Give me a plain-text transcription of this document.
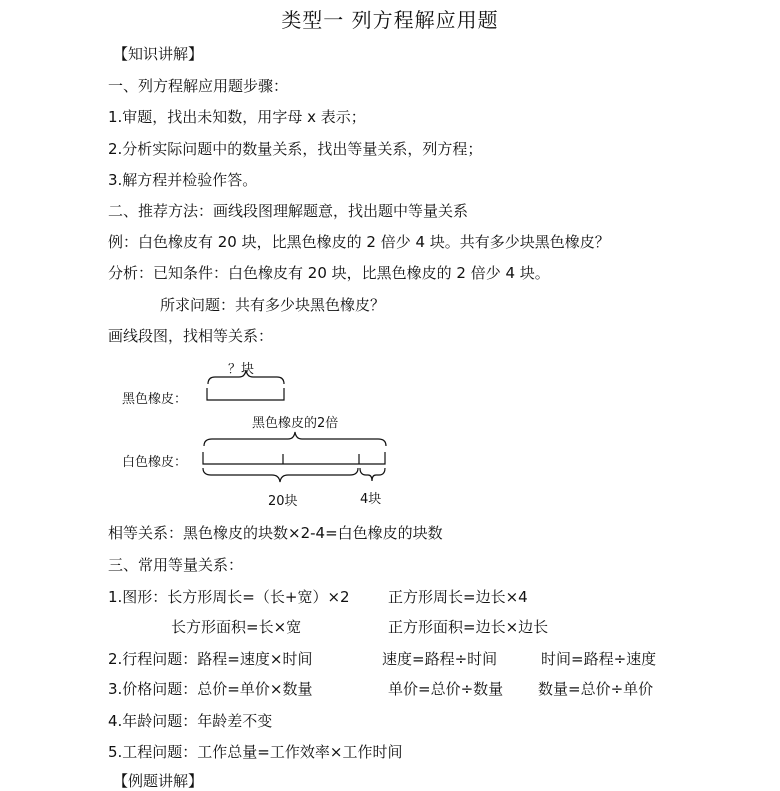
类型一 列方程解应用题
【知识讲解】
一、列方程解应用题步骤：
1.审题，找出未知数，用字母 x 表示；
2.分析实际问题中的数量关系，找出等量关系，列方程；
3.解方程并检验作答。
二、推荐方法：画线段图理解题意，找出题中等量关系
例：白色橡皮有 20 块，比黑色橡皮的 2 倍少 4 块。共有多少块黑色橡皮？
分析：已知条件：白色橡皮有 20 块，比黑色橡皮的 2 倍少 4 块。
所求问题：共有多少块黑色橡皮？
画线段图，找相等关系：
？块
黑色橡皮：
黑色橡皮的2倍
白色橡皮：
20块	4块
相等关系：黑色橡皮的块数×2-4=白色橡皮的块数
三、常用等量关系：
1.图形：长方形周长=（长+宽）×2	正方形周长=边长×4
长方形面积=长×宽	正方形面积=边长×边长
2.行程问题：路程=速度×时间	速度=路程÷时间	时间=路程÷速度
3.价格问题：总价=单价×数量	单价=总价÷数量 数量=总价÷单价
4.年龄问题：年龄差不变
5.工程问题：工作总量=工作效率×工作时间
【例题讲解】
